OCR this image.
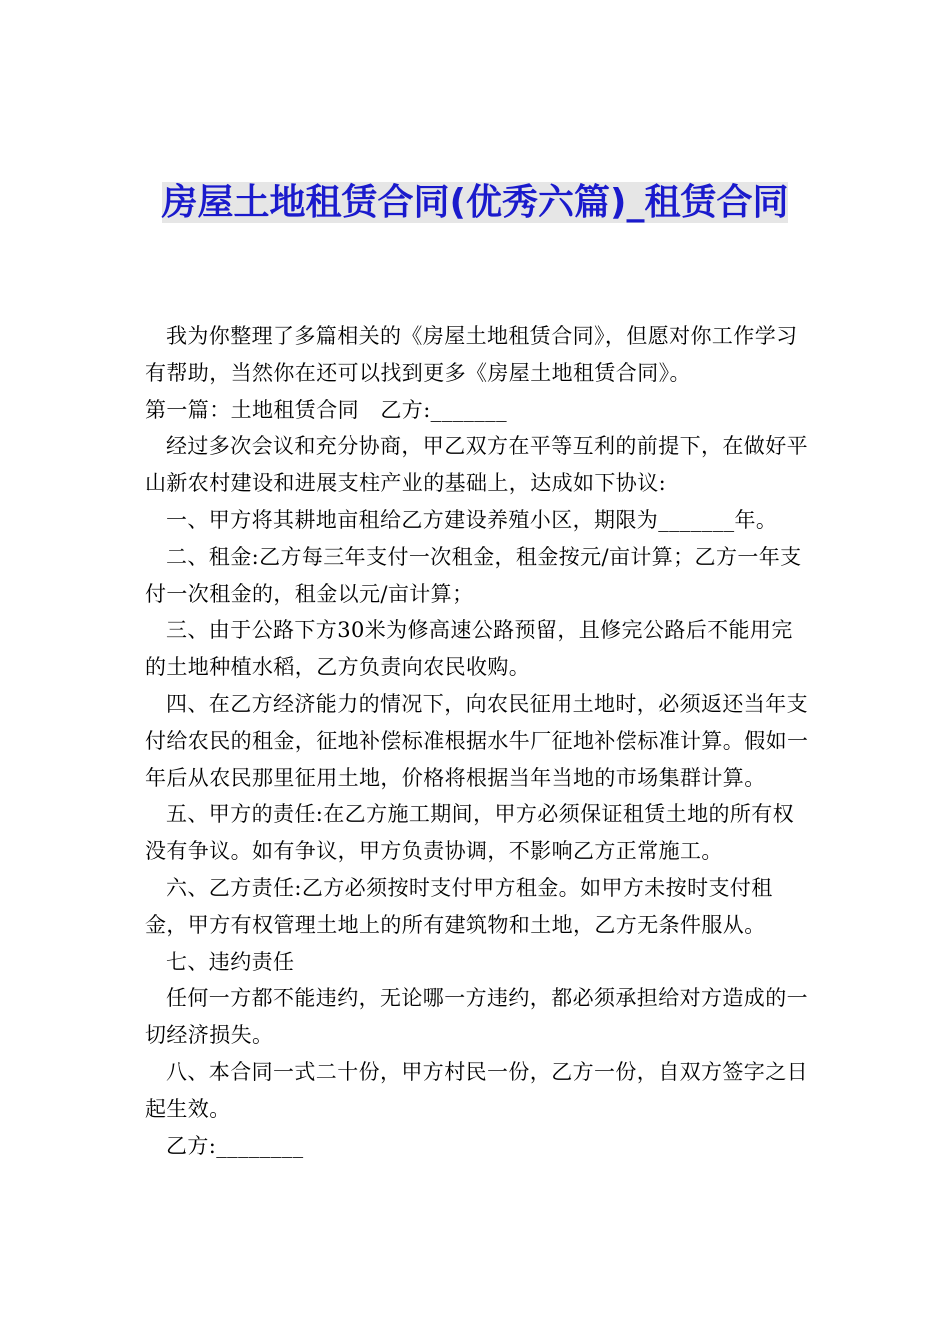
房屋土地租赁合同(优秀六篇)_租赁合同

我为你整理了多篇相关的《房屋土地租赁合同》，但愿对你工作学习有帮助，当然你在还可以找到更多《房屋土地租赁合同》。

第一篇：土地租赁合同　乙方:_______

经过多次会议和充分协商，甲乙双方在平等互利的前提下，在做好平山新农村建设和进展支柱产业的基础上，达成如下协议:

一、甲方将其耕地亩租给乙方建设养殖小区，期限为_______年。

二、租金:乙方每三年支付一次租金，租金按元/亩计算；乙方一年支付一次租金的，租金以元/亩计算；

三、由于公路下方30米为修高速公路预留，且修完公路后不能用完的土地种植水稻，乙方负责向农民收购。

四、在乙方经济能力的情况下，向农民征用土地时，必须返还当年支付给农民的租金，征地补偿标准根据水牛厂征地补偿标准计算。假如一年后从农民那里征用土地，价格将根据当年当地的市场集群计算。

五、甲方的责任:在乙方施工期间，甲方必须保证租赁土地的所有权没有争议。如有争议，甲方负责协调，不影响乙方正常施工。

六、乙方责任:乙方必须按时支付甲方租金。如甲方未按时支付租金，甲方有权管理土地上的所有建筑物和土地，乙方无条件服从。

七、违约责任

任何一方都不能违约，无论哪一方违约，都必须承担给对方造成的一切经济损失。

八、本合同一式二十份，甲方村民一份，乙方一份，自双方签字之日起生效。

乙方:________
